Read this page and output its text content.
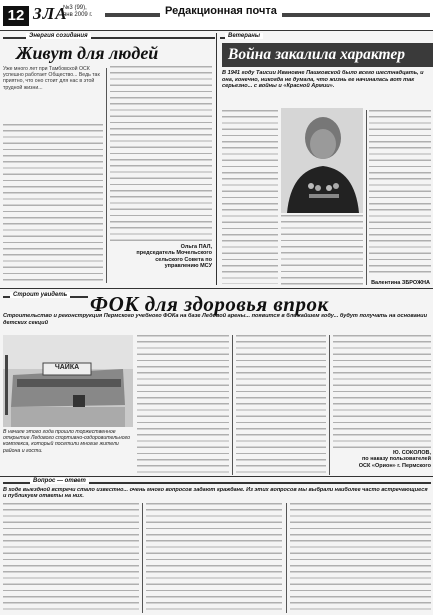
12 ЗЛА
№3 (99),
янв 2009 г.	Редакционная почта
Энергия созидания
Живут для людей
Уже много лет при Тамбовской ОСК успешно работает Общество... Ведь так приятно, что оно стоит для нас в этой трудной жизни...
Ольга ПАЛ,
председатель Мочельского
сельского Совета по
управлению МСУ
Ветераны
Война закалила характер
В 1941 году Таисии Ивановне Пашковской было всего шестнадцать, и она, конечно, никогда не думала, что жизнь ее начиналась вот так серьезно... с войны и «Красной Армии».
Валентина ЗБРОЖНА
Строит увидеть ФОК для здоровья впрок
Строительство и реконструкция Пермского учебного ФОКа на базе Ледовой арены... появится в ближайшем году... будут получать на основании детских секций
ЧАЙКА
В начале этого года прошло торжественное открытие Ледового спортивно-оздоровительного комплекса, который посетили многие жители района и гости.	Ю. СОКОЛОВ,
по наказу пользователей
ОСК «Орион» г. Пермского
Вопрос — ответ
В ходе выездной встречи стало известно... очень много вопросов задают граждане. Из этих вопросов мы выбрали наиболее часто встречающиеся и публикуем ответы на них.
